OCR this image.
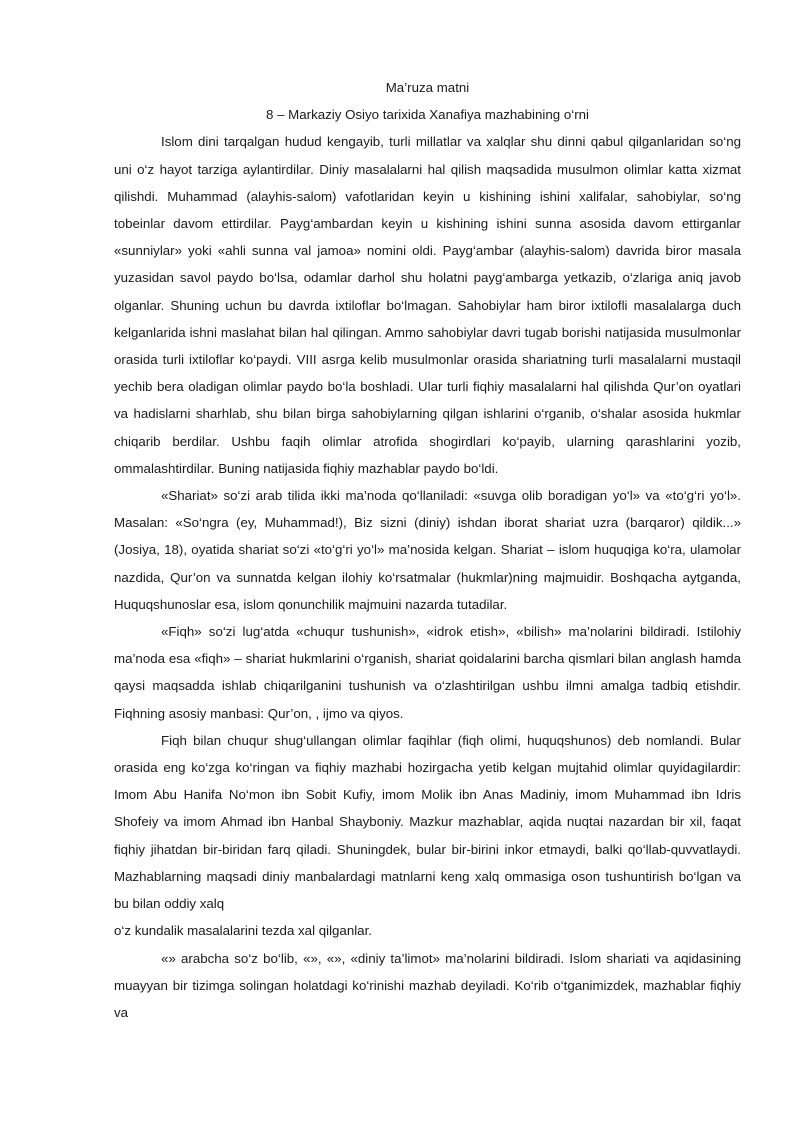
Ma’ruza matni

8 – Markaziy Osiyo tarixida Xanafiya mazhabining o‘rni

Islom dini tarqalgan hudud kengayib, turli millatlar va xalqlar shu dinni qabul qilganlaridan so‘ng uni o‘z hayot tarziga aylantirdilar. Diniy masalalarni hal qilish maqsadida musulmon olimlar katta xizmat qilishdi. Muhammad (alayhis-salom) vafotlaridan keyin u kishining ishini xalifalar, sahobiylar, so‘ng tobeinlar davom ettirdilar. Payg‘ambardan keyin u kishining ishini sunna asosida davom ettirganlar «sunniylar» yoki «ahli sunna val jamoa» nomini oldi. Payg‘ambar (alayhis-salom) davrida biror masala yuzasidan savol paydo bo‘lsa, odamlar darhol shu holatni payg‘ambarga yetkazib, o‘zlariga aniq javob olganlar. Shuning uchun bu davrda ixtiloflar bo‘lmagan. Sahobiylar ham biror ixtilofli masalalarga duch kelganlarida ishni maslahat bilan hal qilingan. Ammo sahobiylar davri tugab borishi natijasida musulmonlar orasida turli ixtiloflar ko‘paydi. VIII asrga kelib musulmonlar orasida shariatning turli masalalarni mustaqil yechib bera oladigan olimlar paydo bo‘la boshladi. Ular turli fiqhiy masalalarni hal qilishda Qur’on oyatlari va hadislarni sharhlab, shu bilan birga sahobiylarning qilgan ishlarini o‘rganib, o‘shalar asosida hukmlar chiqarib berdilar. Ushbu faqih olimlar atrofida shogirdlari ko‘payib, ularning qarashlarini yozib, ommalashtirdilar. Buning natijasida fiqhiy mazhablar paydo bo‘ldi.

«Shariat» so‘zi arab tilida ikki ma’noda qo‘llaniladi: «suvga olib boradigan yo‘l» va «to‘g‘ri yo‘l». Masalan: «So‘ngra (ey, Muhammad!), Biz sizni (diniy) ishdan iborat shariat uzra (barqaror) qildik...» (Josiya, 18), oyatida shariat so‘zi «to‘g‘ri yo‘l» ma’nosida kelgan. Shariat – islom huquqiga ko‘ra, ulamolar nazdida, Qur’on va sunnatda kelgan ilohiy ko‘rsatmalar (hukmlar)ning majmuidir. Boshqacha aytganda, Huquqshunoslar esa, islom qonunchilik majmuini nazarda tutadilar.

«Fiqh» so‘zi lug‘atda «chuqur tushunish», «idrok etish», «bilish» ma’nolarini bildiradi. Istilohiy ma’noda esa «fiqh» – shariat hukmlarini o‘rganish, shariat qoidalarini barcha qismlari bilan anglash hamda qaysi maqsadda ishlab chiqarilganini tushunish va o‘zlashtirilgan ushbu ilmni amalga tadbiq etishdir. Fiqhning asosiy manbasi: Qur’on, , ijmo va qiyos.

Fiqh bilan chuqur shug‘ullangan olimlar faqihlar (fiqh olimi, huquqshunos) deb nomlandi. Bular orasida eng ko‘zga ko‘ringan va fiqhiy mazhabi hozirgacha yetib kelgan mujtahid olimlar quyidagilardir: Imom Abu Hanifa No‘mon ibn Sobit Kufiy, imom Molik ibn Anas Madiniy, imom Muhammad ibn Idris Shofeiy va imom Ahmad ibn Hanbal Shayboniy. Mazkur mazhablar, aqida nuqtai nazardan bir xil, faqat fiqhiy jihatdan bir-biridan farq qiladi. Shuningdek, bular bir-birini inkor etmaydi, balki qo‘llab-quvvatlaydi. Mazhablarning maqsadi diniy manbalardagi matnlarni keng xalq ommasiga oson tushuntirish bo‘lgan va bu bilan oddiy xalq

o‘z kundalik masalalarini tezda xal qilganlar.

«» arabcha so‘z bo‘lib, «», «», «diniy ta’limot» ma’nolarini bildiradi. Islom shariati va aqidasining muayyan bir tizimga solingan holatdagi ko‘rinishi mazhab deyiladi. Ko‘rib o‘tganimizdek, mazhablar fiqhiy va
